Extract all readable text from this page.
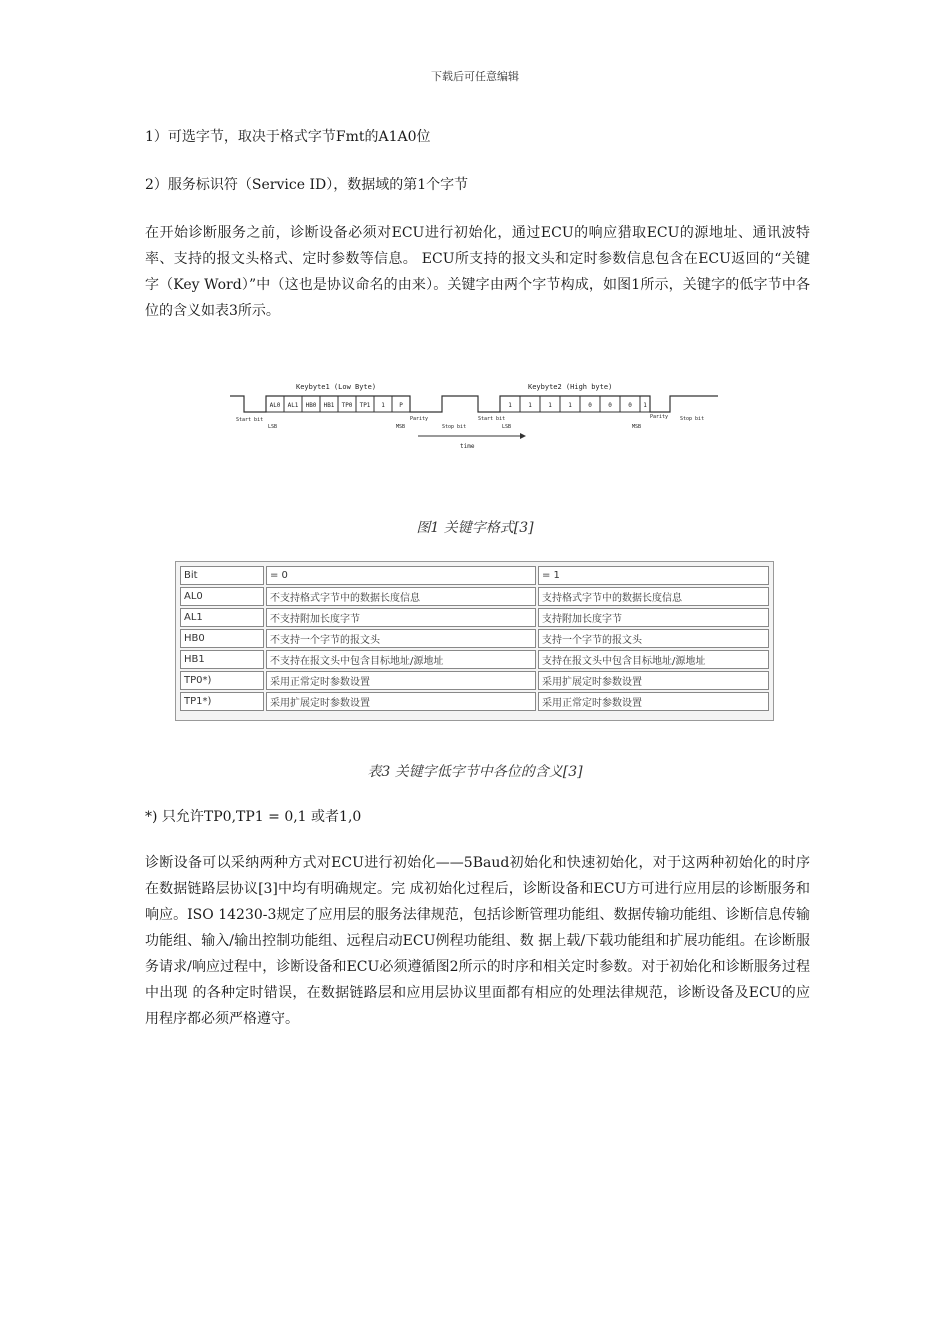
下载后可任意编辑
1）可选字节，取决于格式字节Fmt的A1A0位
2）服务标识符（Service ID），数据域的第1个字节
在开始诊断服务之前，诊断设备必须对ECU进行初始化，通过ECU的响应猎取ECU的源地址、通讯波特率、支持的报文头格式、定时参数等信息。 ECU所支持的报文头和定时参数信息包含在ECU返回的“关键字（Key Word）”中（这也是协议命名的由来）。关键字由两个字节构成，如图1所示，关键字的低字节中各位的含义如表3所示。
AL0 AL1 HB0 HB1 TP0 TP1 1 P	1	1	1	1	0	0	0 1
Keybyte1 (Low Byte)	Keybyte2 (High byte)
Start bit
LSB	MSB
Parity
Stop bit
Start bit
LSB	MSB
Parity Stop bit
time
图1 关键字格式[3]
Bit	= 0	= 1
AL0	不支持格式字节中的数据长度信息	支持格式字节中的数据长度信息
AL1	不支持附加长度字节	支持附加长度字节
HB0	不支持一个字节的报文头	支持一个字节的报文头
HB1	不支持在报文头中包含目标地址/源地址	支持在报文头中包含目标地址/源地址
TP0*)	采用正常定时参数设置	采用扩展定时参数设置
TP1*)	采用扩展定时参数设置	采用正常定时参数设置
表3 关键字低字节中各位的含义[3]
*) 只允许TP0,TP1 = 0,1 或者1,0
诊断设备可以采纳两种方式对ECU进行初始化——5Baud初始化和快速初始化，对于这两种初始化的时序在数据链路层协议[3]中均有明确规定。完 成初始化过程后，诊断设备和ECU方可进行应用层的诊断服务和响应。ISO 14230-3规定了应用层的服务法律规范，包括诊断管理功能组、数据传输功能组、诊断信息传输功能组、输入/输出控制功能组、远程启动ECU例程功能组、数 据上载/下载功能组和扩展功能组。在诊断服务请求/响应过程中，诊断设备和ECU必须遵循图2所示的时序和相关定时参数。对于初始化和诊断服务过程中出现 的各种定时错误，在数据链路层和应用层协议里面都有相应的处理法律规范，诊断设备及ECU的应用程序都必须严格遵守。
